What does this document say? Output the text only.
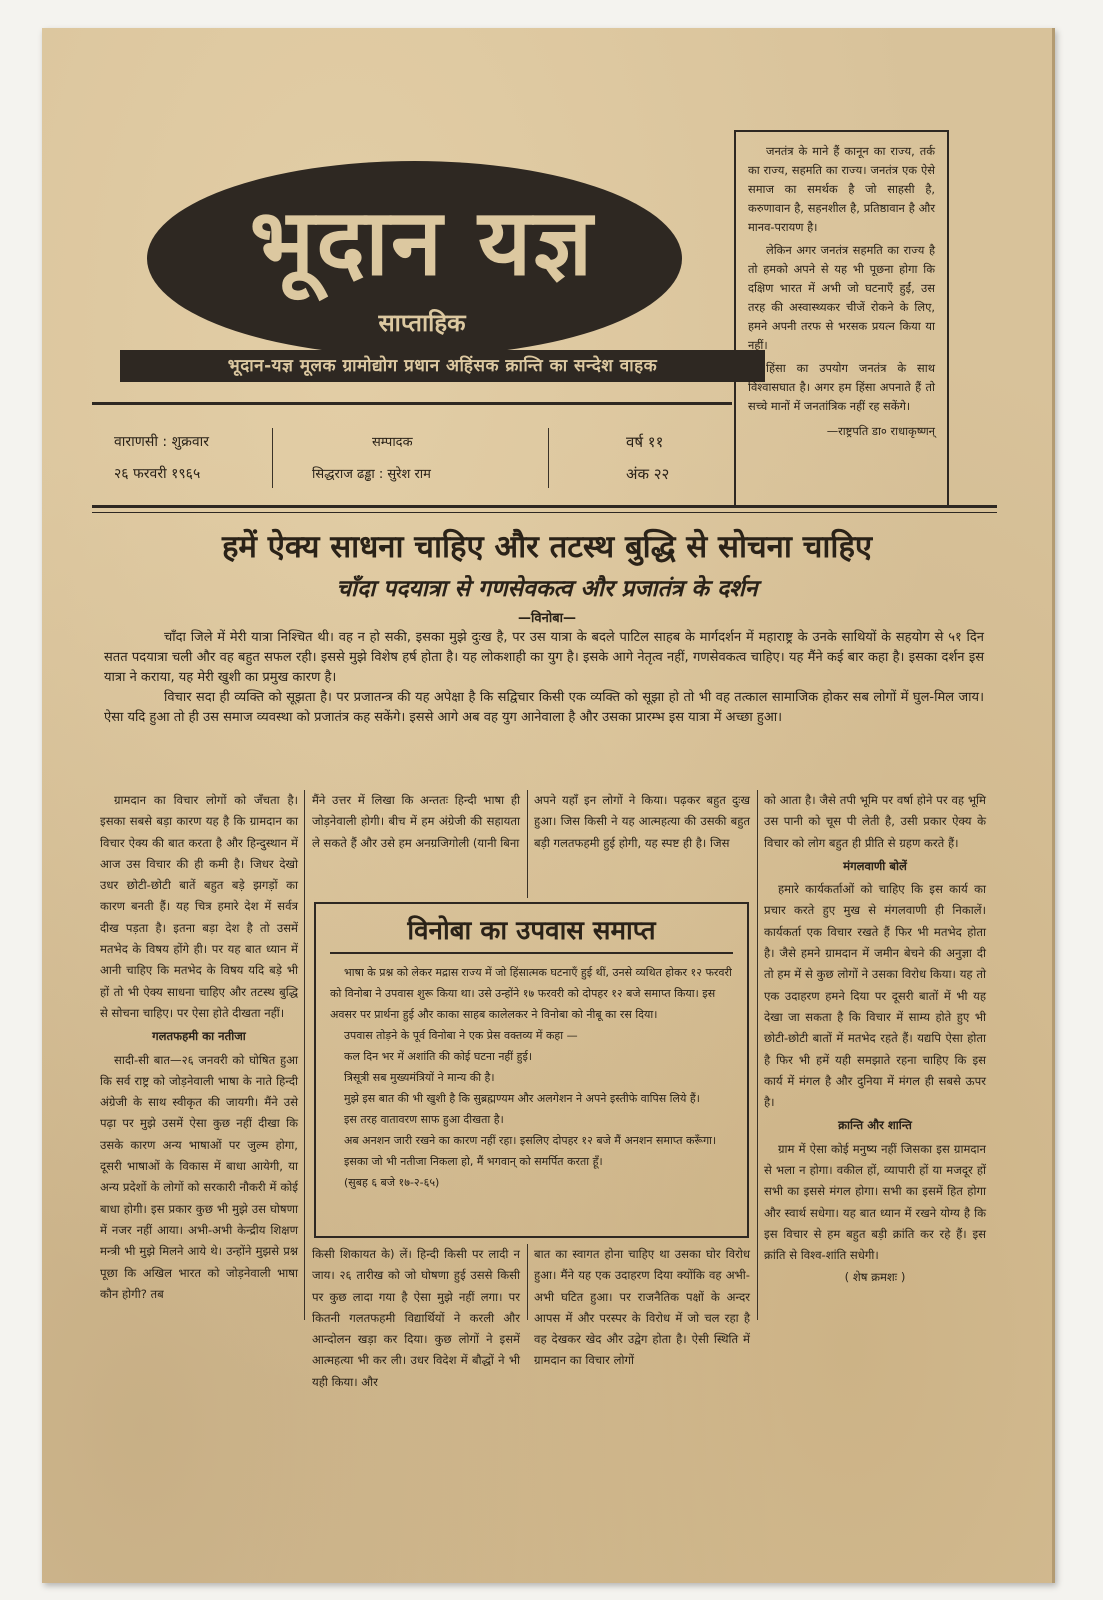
भूदान यज्ञ
साप्ताहिक
भूदान-यज्ञ मूलक ग्रामोद्योग प्रधान अहिंसक क्रान्ति का सन्देश वाहक
वाराणसी : शुक्रवार
२६ फरवरी १९६५
सम्पादक
सिद्धराज ढड्ढा : सुरेश राम
वर्ष ११
अंक २२

जनतंत्र के माने हैं कानून का राज्य, तर्क का राज्य, सहमति का राज्य। जनतंत्र एक ऐसे समाज का समर्थक है जो साहसी है, करुणावान है, सहनशील है, प्रतिष्ठावान है और मानव-परायण है।

लेकिन अगर जनतंत्र सहमति का राज्य है तो हमको अपने से यह भी पूछना होगा कि दक्षिण भारत में अभी जो घटनाएँ हुईं, उस तरह की अस्वास्थ्यकर चीजें रोकने के लिए, हमने अपनी तरफ से भरसक प्रयत्न किया या नहीं।

हिंसा का उपयोग जनतंत्र के साथ विश्वासघात है। अगर हम हिंसा अपनाते हैं तो सच्चे मानों में जनतांत्रिक नहीं रह सकेंगे।

—राष्ट्रपति डा० राधाकृष्णन्
हमें ऐक्य साधना चाहिए और तटस्थ बुद्धि से सोचना चाहिए
चाँदा पदयात्रा से गणसेवकत्व और प्रजातंत्र के दर्शन
—विनोबा—

चाँदा जिले में मेरी यात्रा निश्चित थी। वह न हो सकी, इसका मुझे दुःख है, पर उस यात्रा के बदले पाटिल साहब के मार्गदर्शन में महाराष्ट्र के उनके साथियों के सहयोग से ५१ दिन सतत पदयात्रा चली और वह बहुत सफल रही। इससे मुझे विशेष हर्ष होता है। यह लोकशाही का युग है। इसके आगे नेतृत्व नहीं, गणसेवकत्व चाहिए। यह मैंने कई बार कहा है। इसका दर्शन इस यात्रा ने कराया, यह मेरी खुशी का प्रमुख कारण है।

विचार सदा ही व्यक्ति को सूझता है। पर प्रजातन्त्र की यह अपेक्षा है कि सद्विचार किसी एक व्यक्ति को सूझा हो तो भी वह तत्काल सामाजिक होकर सब लोगों में घुल-मिल जाय। ऐसा यदि हुआ तो ही उस समाज व्यवस्था को प्रजातंत्र कह सकेंगे। इससे आगे अब वह युग आनेवाला है और उसका प्रारम्भ इस यात्रा में अच्छा हुआ।

ग्रामदान का विचार लोगों को जँचता है। इसका सबसे बड़ा कारण यह है कि ग्रामदान का विचार ऐक्य की बात करता है और हिन्दुस्थान में आज उस विचार की ही कमी है। जिधर देखो उधर छोटी-छोटी बातें बहुत बड़े झगड़ों का कारण बनती हैं। यह चित्र हमारे देश में सर्वत्र दीख पड़ता है। इतना बड़ा देश है तो उसमें मतभेद के विषय होंगे ही। पर यह बात ध्यान में आनी चाहिए कि मतभेद के विषय यदि बड़े भी हों तो भी ऐक्य साधना चाहिए और तटस्थ बुद्धि से सोचना चाहिए। पर ऐसा होते दीखता नहीं।

गलतफहमी का नतीजा

सादी-सी बात—२६ जनवरी को घोषित हुआ कि सर्व राष्ट्र को जोड़नेवाली भाषा के नाते हिन्दी अंग्रेजी के साथ स्वीकृत की जायगी। मैंने उसे पढ़ा पर मुझे उसमें ऐसा कुछ नहीं दीखा कि उसके कारण अन्य भाषाओं पर जुल्म होगा, दूसरी भाषाओं के विकास में बाधा आयेगी, या अन्य प्रदेशों के लोगों को सरकारी नौकरी में कोई बाधा होगी। इस प्रकार कुछ भी मुझे उस घोषणा में नजर नहीं आया। अभी-अभी केन्द्रीय शिक्षण मन्त्री भी मुझे मिलने आये थे। उन्होंने मुझसे प्रश्न पूछा कि अखिल भारत को जोड़नेवाली भाषा कौन होगी? तब

मैंने उत्तर में लिखा कि अन्ततः हिन्दी भाषा ही जोड़नेवाली होगी। बीच में हम अंग्रेजी की सहायता ले सकते हैं और उसे हम अनग्रजिगोली (यानी बिना

अपने यहाँ इन लोगों ने किया। पढ़कर बहुत दुःख हुआ। जिस किसी ने यह आत्महत्या की उसकी बहुत बड़ी गलतफहमी हुई होगी, यह स्पष्ट ही है। जिस

विनोबा का उपवास समाप्त

भाषा के प्रश्न को लेकर मद्रास राज्य में जो हिंसात्मक घटनाएँ हुई थीं, उनसे व्यथित होकर १२ फरवरी को विनोबा ने उपवास शुरू किया था। उसे उन्होंने १७ फरवरी को दोपहर १२ बजे समाप्त किया। इस अवसर पर प्रार्थना हुई और काका साहब कालेलकर ने विनोबा को नीबू का रस दिया।

उपवास तोड़ने के पूर्व विनोबा ने एक प्रेस वक्तव्य में कहा —

कल दिन भर में अशांति की कोई घटना नहीं हुई।

त्रिसूत्री सब मुख्यमंत्रियों ने मान्य की है।

मुझे इस बात की भी खुशी है कि सुब्रह्मण्यम और अलगेशन ने अपने इस्तीफे वापिस लिये हैं।

इस तरह वातावरण साफ हुआ दीखता है।

अब अनशन जारी रखने का कारण नहीं रहा। इसलिए दोपहर १२ बजे मैं अनशन समाप्त करूँगा।

इसका जो भी नतीजा निकला हो, मैं भगवान् को समर्पित करता हूँ।

(सुबह ६ बजे १७-२-६५)

किसी शिकायत के) लें। हिन्दी किसी पर लादी न जाय। २६ तारीख को जो घोषणा हुई उससे किसी पर कुछ लादा गया है ऐसा मुझे नहीं लगा। पर कितनी गलतफहमी विद्यार्थियों ने करली और आन्दोलन खड़ा कर दिया। कुछ लोगों ने इसमें आत्महत्या भी कर ली। उधर विदेश में बौद्धों ने भी यही किया। और

बात का स्वागत होना चाहिए था उसका घोर विरोध हुआ। मैंने यह एक उदाहरण दिया क्योंकि वह अभी-अभी घटित हुआ। पर राजनैतिक पक्षों के अन्दर आपस में और परस्पर के विरोध में जो चल रहा है वह देखकर खेद और उद्वेग होता है। ऐसी स्थिति में ग्रामदान का विचार लोगों

को आता है। जैसे तपी भूमि पर वर्षा होने पर वह भूमि उस पानी को चूस पी लेती है, उसी प्रकार ऐक्य के विचार को लोग बहुत ही प्रीति से ग्रहण करते हैं।

मंगलवाणी बोलें

हमारे कार्यकर्ताओं को चाहिए कि इस कार्य का प्रचार करते हुए मुख से मंगलवाणी ही निकालें। कार्यकर्ता एक विचार रखते हैं फिर भी मतभेद होता है। जैसे हमने ग्रामदान में जमीन बेचने की अनुज्ञा दी तो हम में से कुछ लोगों ने उसका विरोध किया। यह तो एक उदाहरण हमने दिया पर दूसरी बातों में भी यह देखा जा सकता है कि विचार में साम्य होते हुए भी छोटी-छोटी बातों में मतभेद रहते हैं। यद्यपि ऐसा होता है फिर भी हमें यही समझाते रहना चाहिए कि इस कार्य में मंगल है और दुनिया में मंगल ही सबसे ऊपर है।

क्रान्ति और शान्ति

ग्राम में ऐसा कोई मनुष्य नहीं जिसका इस ग्रामदान से भला न होगा। वकील हों, व्यापारी हों या मजदूर हों सभी का इससे मंगल होगा। सभी का इसमें हित होगा और स्वार्थ सधेगा। यह बात ध्यान में रखने योग्य है कि इस विचार से हम बहुत बड़ी क्रांति कर रहे हैं। इस क्रांति से विश्व-शांति सधेगी।

( शेष क्रमशः )
